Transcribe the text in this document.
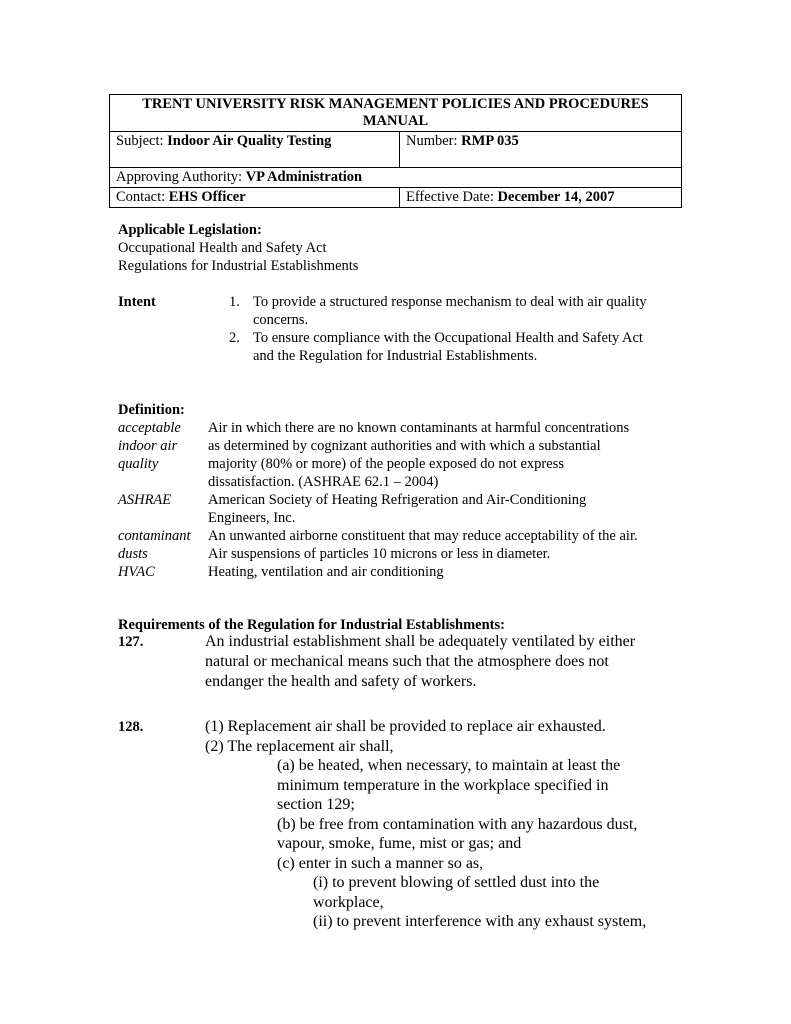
TRENT UNIVERSITY RISK MANAGEMENT POLICIES AND PROCEDURES MANUAL	
Subject: Indoor Air Quality Testing	Number: RMP 035
Approving Authority: VP Administration	
Contact: EHS Officer	Effective Date: December 14, 2007
Applicable Legislation:
Occupational Health and Safety Act
Regulations for Industrial Establishments
Intent	1. To provide a structured response mechanism to deal with air quality
concerns.
2. To ensure compliance with the Occupational Health and Safety Act
and the Regulation for Industrial Establishments.
Definition:
acceptable
indoor air
quality
Air in which there are no known contaminants at harmful concentrations
as determined by cognizant authorities and with which a substantial
majority (80% or more) of the people exposed do not express
dissatisfaction. (ASHRAE 62.1 – 2004)
ASHRAE	American Society of Heating Refrigeration and Air-Conditioning
Engineers, Inc.
contaminant An unwanted airborne constituent that may reduce acceptability of the air.
dusts	Air suspensions of particles 10 microns or less in diameter.
HVAC	Heating, ventilation and air conditioning
Requirements of the Regulation for Industrial Establishments:
127.	An industrial establishment shall be adequately ventilated by either
natural or mechanical means such that the atmosphere does not
endanger the health and safety of workers.
128.	(1) Replacement air shall be provided to replace air exhausted.
(2) The replacement air shall,
(a) be heated, when necessary, to maintain at least the
minimum temperature in the workplace specified in
section 129;
(b) be free from contamination with any hazardous dust,
vapour, smoke, fume, mist or gas; and
(c) enter in such a manner so as,
(i) to prevent blowing of settled dust into the
workplace,
(ii) to prevent interference with any exhaust system,
